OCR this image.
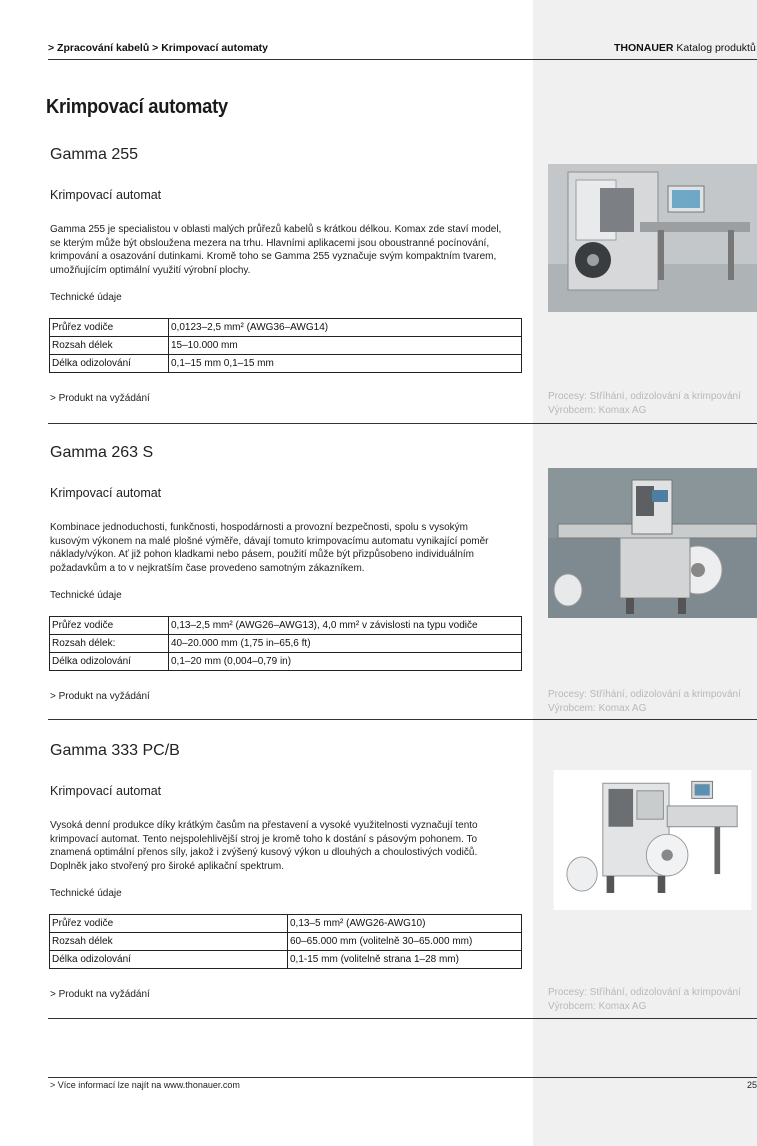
> Zpracování kabelů > Krimpovací automaty	THONAUER Katalog produktů
Krimpovací automaty
Gamma 255
Krimpovací automat
Gamma 255 je specialistou v oblasti malých průřezů kabelů s krátkou délkou. Komax zde staví model, se kterým může být obsloužena mezera na trhu. Hlavními aplikacemi jsou oboustranné pocínování, krimpování a osazování dutinkami. Kromě toho se Gamma 255 vyznačuje svým kompaktním tvarem, umožňujícím optimální využití výrobní plochy.
Technické údaje
Průřez vodiče	0,0123–2,5 mm² (AWG36–AWG14)
Rozsah délek	15–10.000 mm
Délka odizolování	0,1–15 mm 0,1–15 mm
> Produkt na vyžádání	Procesy: Stříhání, odizolování a krimpování
Výrobcem: Komax AG
Gamma 263 S
Krimpovací automat
Kombinace jednoduchosti, funkčnosti, hospodárnosti a provozní bezpečnosti, spolu s vysokým kusovým výkonem na malé plošné výměře, dávají tomuto krimpovacímu automatu vynikající poměr náklady/výkon. Ať již pohon kladkami nebo pásem, použití může být přizpůsobeno individuálním požadavkům a to v nejkratším čase provedeno samotným zákazníkem.
Technické údaje
Průřez vodiče	0,13–2,5 mm² (AWG26–AWG13), 4,0 mm² v závislosti na typu vodiče
Rozsah délek:	40–20.000 mm (1,75 in–65,6 ft)
Délka odizolování	0,1–20 mm (0,004–0,79 in)
> Produkt na vyžádání	Procesy: Stříhání, odizolování a krimpování
Výrobcem: Komax AG
Gamma 333 PC/B
Krimpovací automat
Vysoká denní produkce díky krátkým časům na přestavení a vysoké využitelnosti vyznačují tento krimpovací automat. Tento nejspolehlivější stroj je kromě toho k dostání s pásovým pohonem. To znamená optimální přenos síly, jakož i zvýšený kusový výkon u dlouhých a choulostivých vodičů. Doplněk jako stvořený pro široké aplikační spektrum.
Technické údaje
Průřez vodiče	0,13–5 mm² (AWG26-AWG10)
Rozsah délek	60–65.000 mm (volitelně 30–65.000 mm)
Délka odizolování	0,1-15 mm (volitelně strana 1–28 mm)
> Produkt na vyžádání	Procesy: Stříhání, odizolování a krimpování
Výrobcem: Komax AG
> Více informací lze najít na www.thonauer.com	25
